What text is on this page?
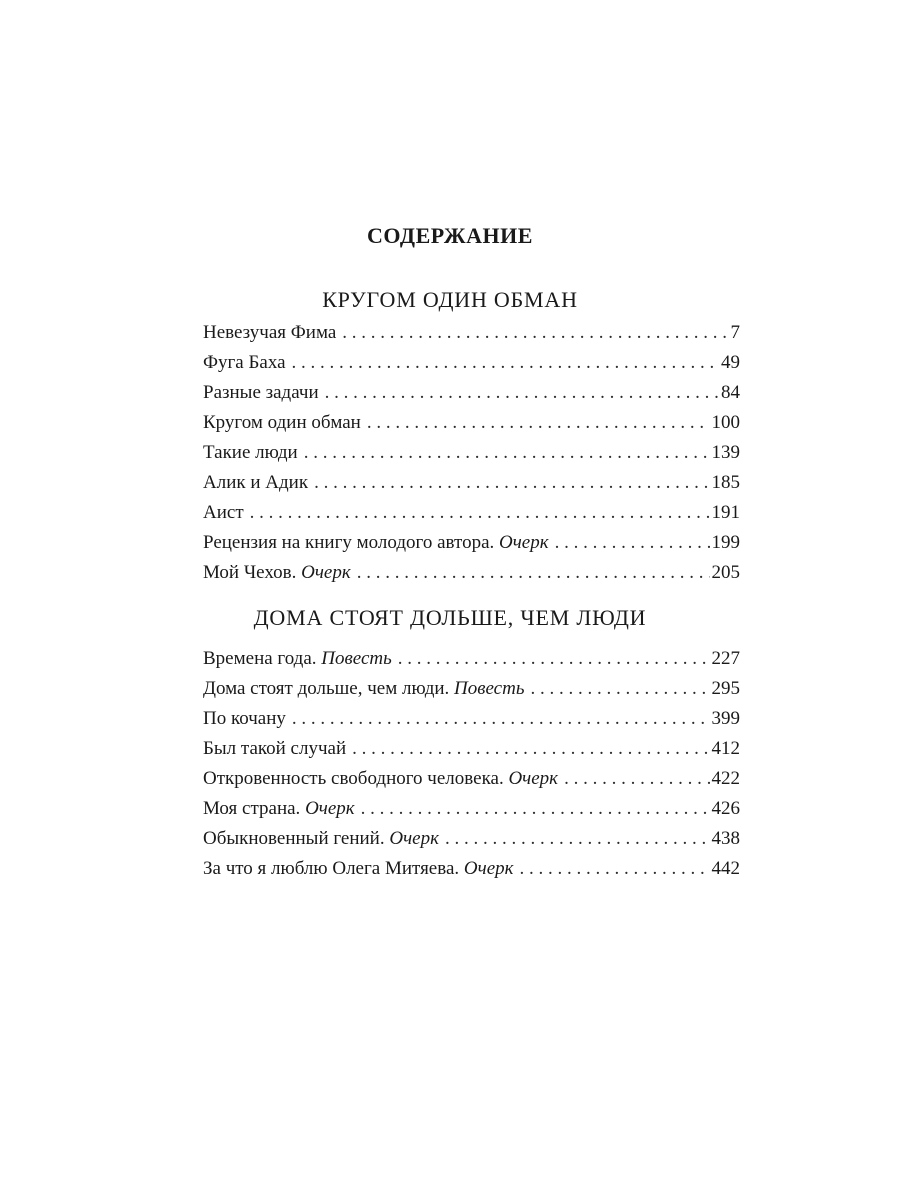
СОДЕРЖАНИЕ
КРУГОМ ОДИН ОБМАН
Невезучая Фима . . .	7
Фуга Баха . . .	49
Разные задачи . . .	84
Кругом один обман . . .	100
Такие люди . . .	139
Алик и Адик . . .	185
Аист . . .	191
Рецензия на книгу молодого автора. Очерк . . .	199
Мой Чехов. Очерк . . .	205
ДОМА СТОЯТ ДОЛЬШЕ, ЧЕМ ЛЮДИ
Времена года. Повесть . . .	227
Дома стоят дольше, чем люди. Повесть . . .	295
По кочану . . .	399
Был такой случай . . .	412
Откровенность свободного человека. Очерк . . .	422
Моя страна. Очерк . . .	426
Обыкновенный гений. Очерк . . .	438
За что я люблю Олега Митяева. Очерк . . .	442
